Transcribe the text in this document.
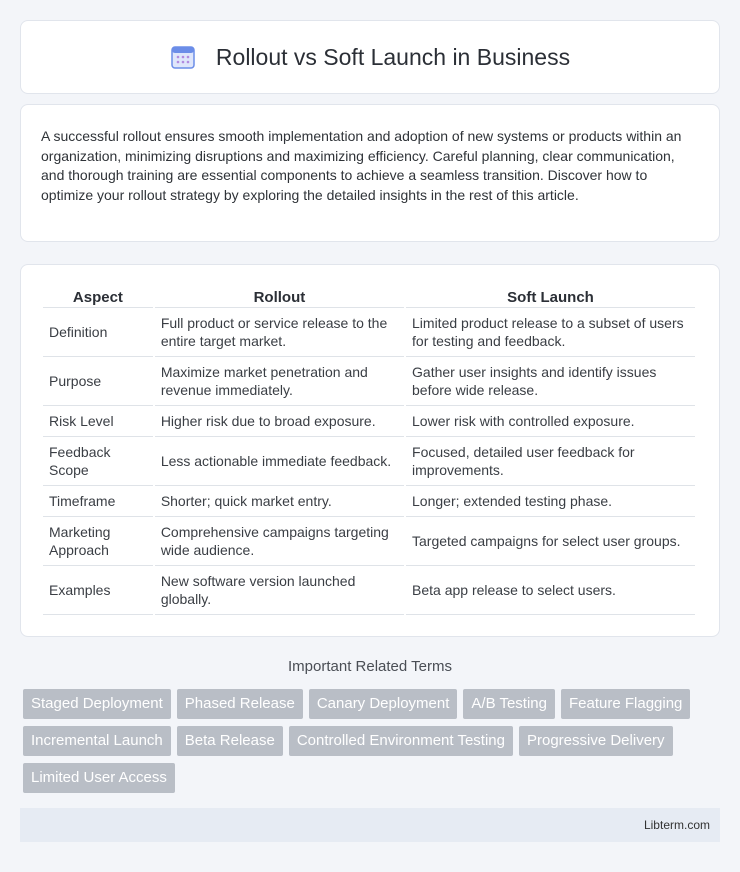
Rollout vs Soft Launch in Business

A successful rollout ensures smooth implementation and adoption of new systems or products within an organization, minimizing disruptions and maximizing efficiency. Careful planning, clear communication, and thorough training are essential components to achieve a seamless transition. Discover how to optimize your rollout strategy by exploring the detailed insights in the rest of this article.

Aspect	Rollout	Soft Launch
Definition	Full product or service release to the entire target market.	Limited product release to a subset of users for testing and feedback.
Purpose	Maximize market penetration and revenue immediately.	Gather user insights and identify issues before wide release.
Risk Level	Higher risk due to broad exposure.	Lower risk with controlled exposure.
Feedback Scope	Less actionable immediate feedback.	Focused, detailed user feedback for improvements.
Timeframe	Shorter; quick market entry.	Longer; extended testing phase.
Marketing Approach	Comprehensive campaigns targeting wide audience.	Targeted campaigns for select user groups.
Examples	New software version launched globally.	Beta app release to select users.
Important Related Terms
Staged Deployment	Phased Release	Canary Deployment	A/B Testing	Feature Flagging
Incremental Launch	Beta Release	Controlled Environment Testing	Progressive Delivery
Limited User Access
Libterm.com
